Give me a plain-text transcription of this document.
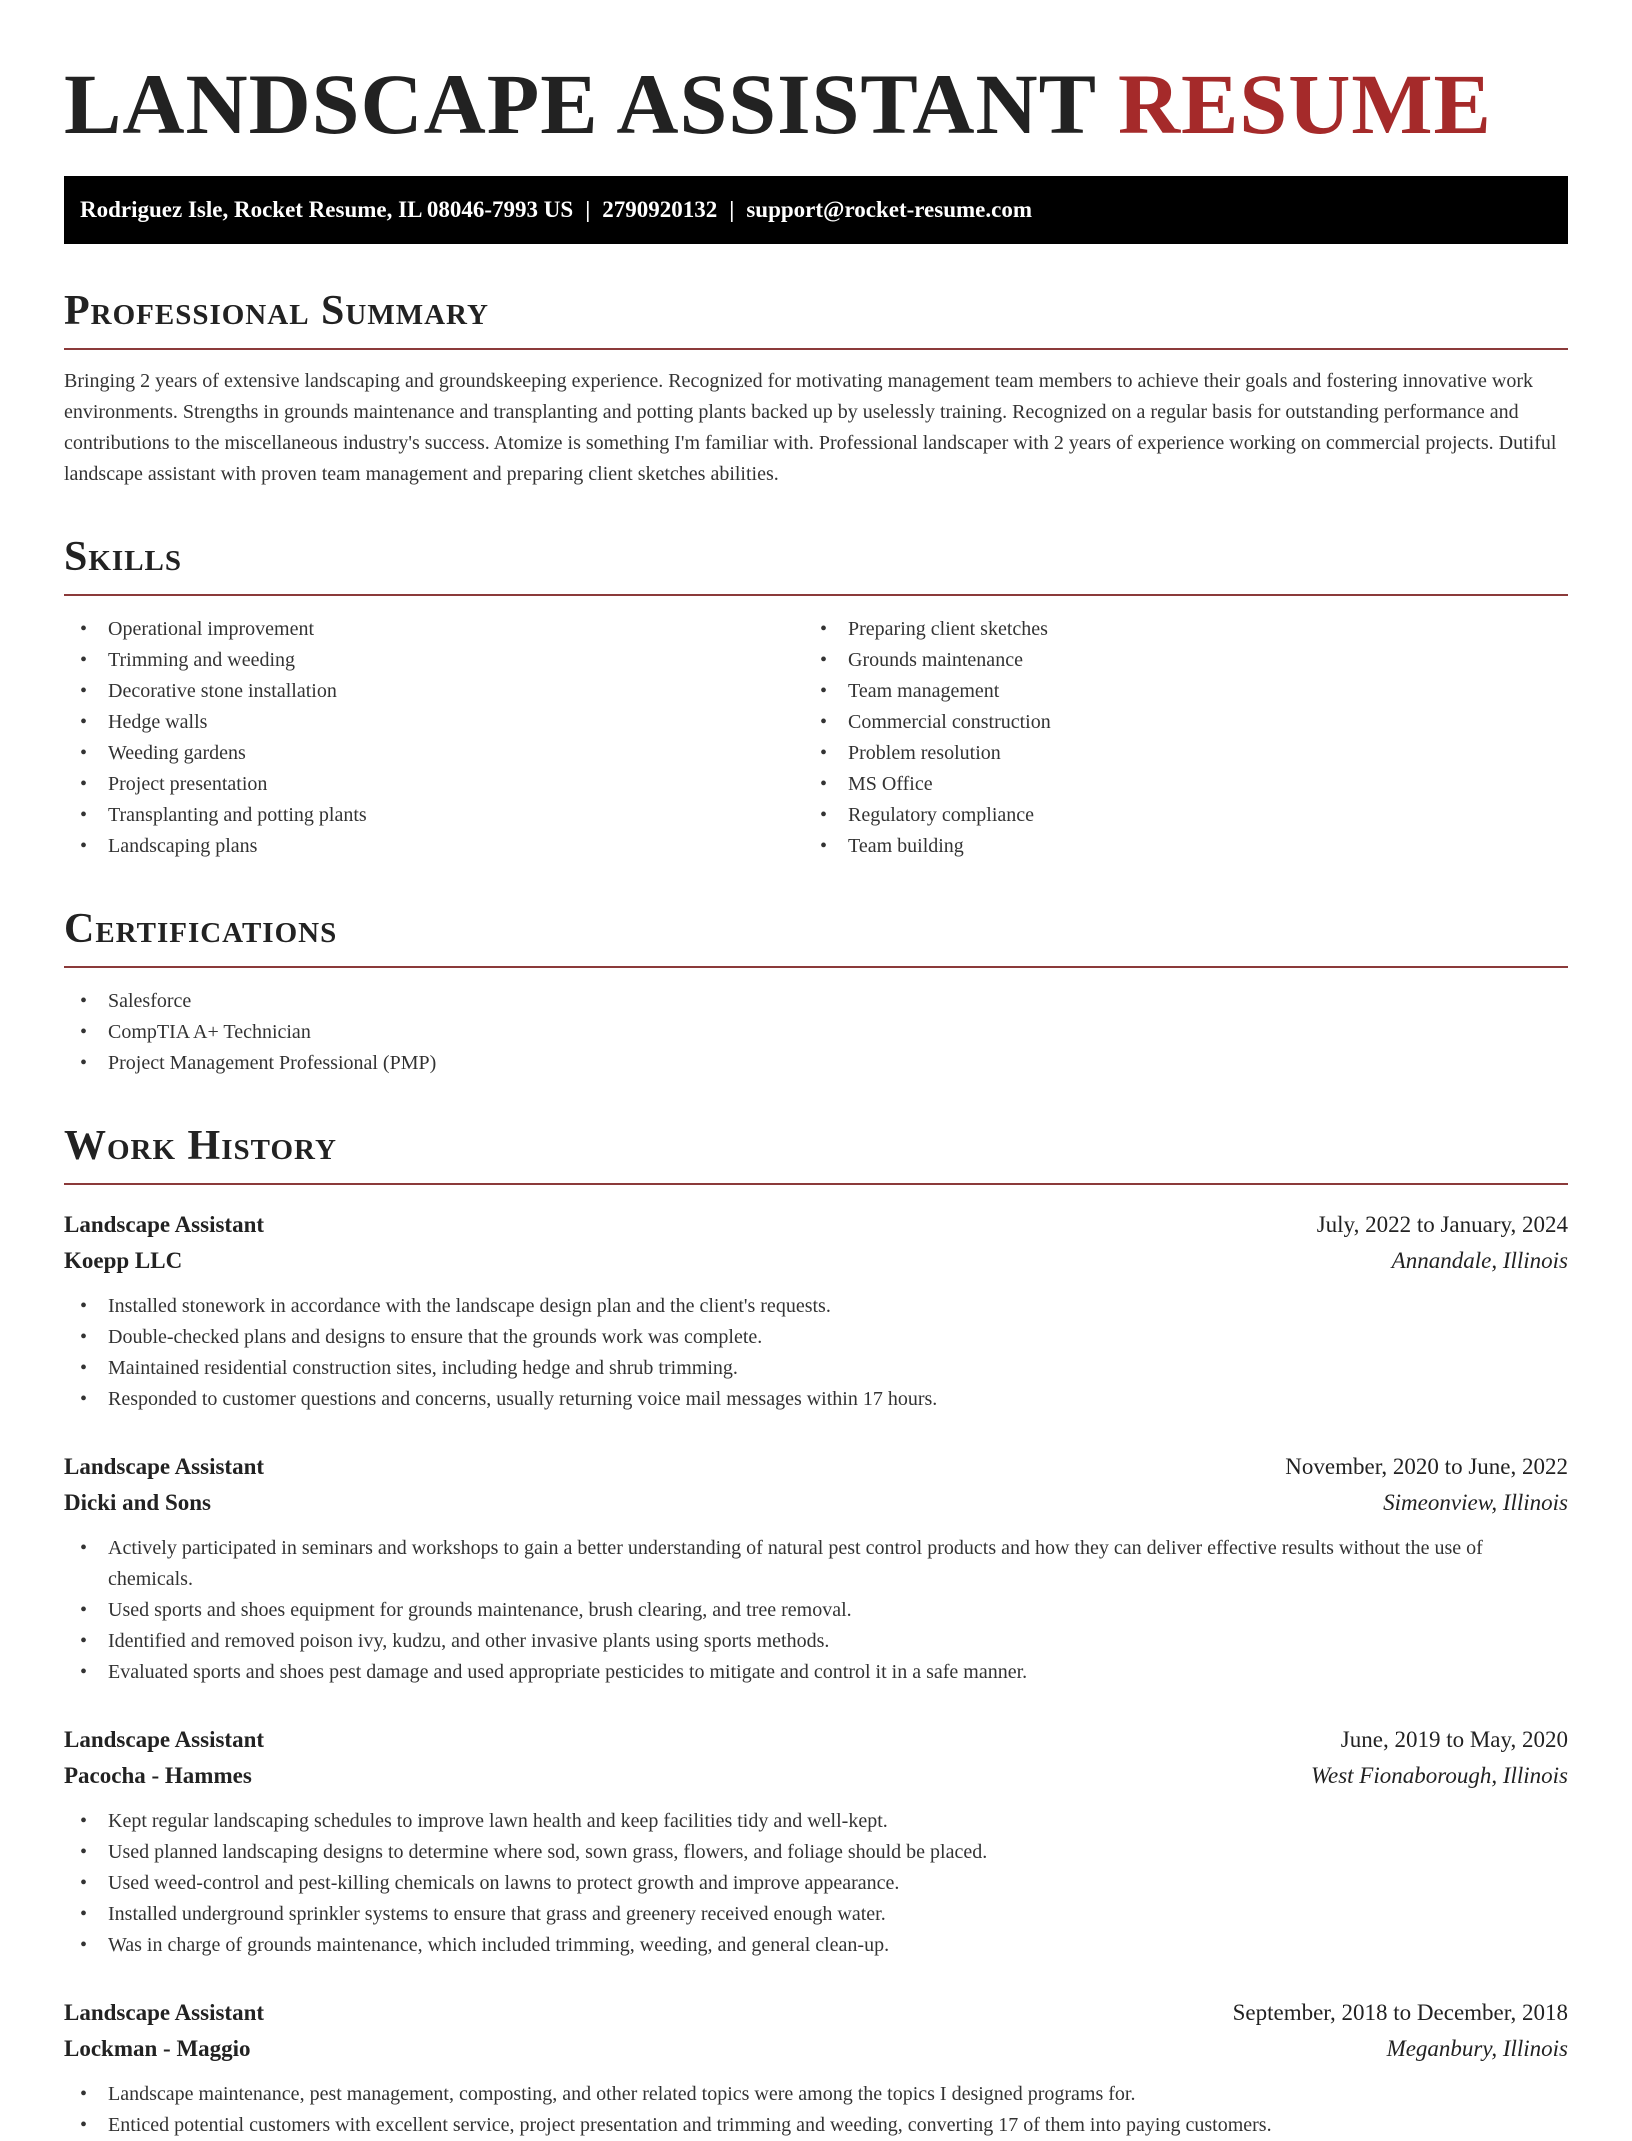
LANDSCAPE ASSISTANT RESUME
Rodriguez Isle, Rocket Resume, IL 08046-7993 US | 2790920132 | support@rocket-resume.com
Professional Summary

Bringing 2 years of extensive landscaping and groundskeeping experience. Recognized for motivating management team members to achieve their goals and fostering innovative work environments. Strengths in grounds maintenance and transplanting and potting plants backed up by uselessly training. Recognized on a regular basis for outstanding performance and contributions to the miscellaneous industry's success. Atomize is something I'm familiar with. Professional landscaper with 2 years of experience working on commercial projects. Dutiful landscape assistant with proven team management and preparing client sketches abilities.

Skills
• Operational improvement
• Trimming and weeding
• Decorative stone installation
• Hedge walls
• Weeding gardens
• Project presentation
• Transplanting and potting plants
• Landscaping plans
• Preparing client sketches
• Grounds maintenance
• Team management
• Commercial construction
• Problem resolution
• MS Office
• Regulatory compliance
• Team building
Certifications
• Salesforce
• CompTIA A+ Technician
• Project Management Professional (PMP)
Work History
Landscape Assistant	July, 2022 to January, 2024
Koepp LLC	Annandale, Illinois
• Installed stonework in accordance with the landscape design plan and the client's requests.
• Double-checked plans and designs to ensure that the grounds work was complete.
• Maintained residential construction sites, including hedge and shrub trimming.
• Responded to customer questions and concerns, usually returning voice mail messages within 17 hours.
Landscape Assistant	November, 2020 to June, 2022
Dicki and Sons	Simeonview, Illinois
• Actively participated in seminars and workshops to gain a better understanding of natural pest control products and how they can deliver effective results without the use of chemicals.
• Used sports and shoes equipment for grounds maintenance, brush clearing, and tree removal.
• Identified and removed poison ivy, kudzu, and other invasive plants using sports methods.
• Evaluated sports and shoes pest damage and used appropriate pesticides to mitigate and control it in a safe manner.
Landscape Assistant	June, 2019 to May, 2020
Pacocha - Hammes	West Fionaborough, Illinois
• Kept regular landscaping schedules to improve lawn health and keep facilities tidy and well-kept.
• Used planned landscaping designs to determine where sod, sown grass, flowers, and foliage should be placed.
• Used weed-control and pest-killing chemicals on lawns to protect growth and improve appearance.
• Installed underground sprinkler systems to ensure that grass and greenery received enough water.
• Was in charge of grounds maintenance, which included trimming, weeding, and general clean-up.
Landscape Assistant	September, 2018 to December, 2018
Lockman - Maggio	Meganbury, Illinois
• Landscape maintenance, pest management, composting, and other related topics were among the topics I designed programs for.
• Enticed potential customers with excellent service, project presentation and trimming and weeding, converting 17 of them into paying customers.
